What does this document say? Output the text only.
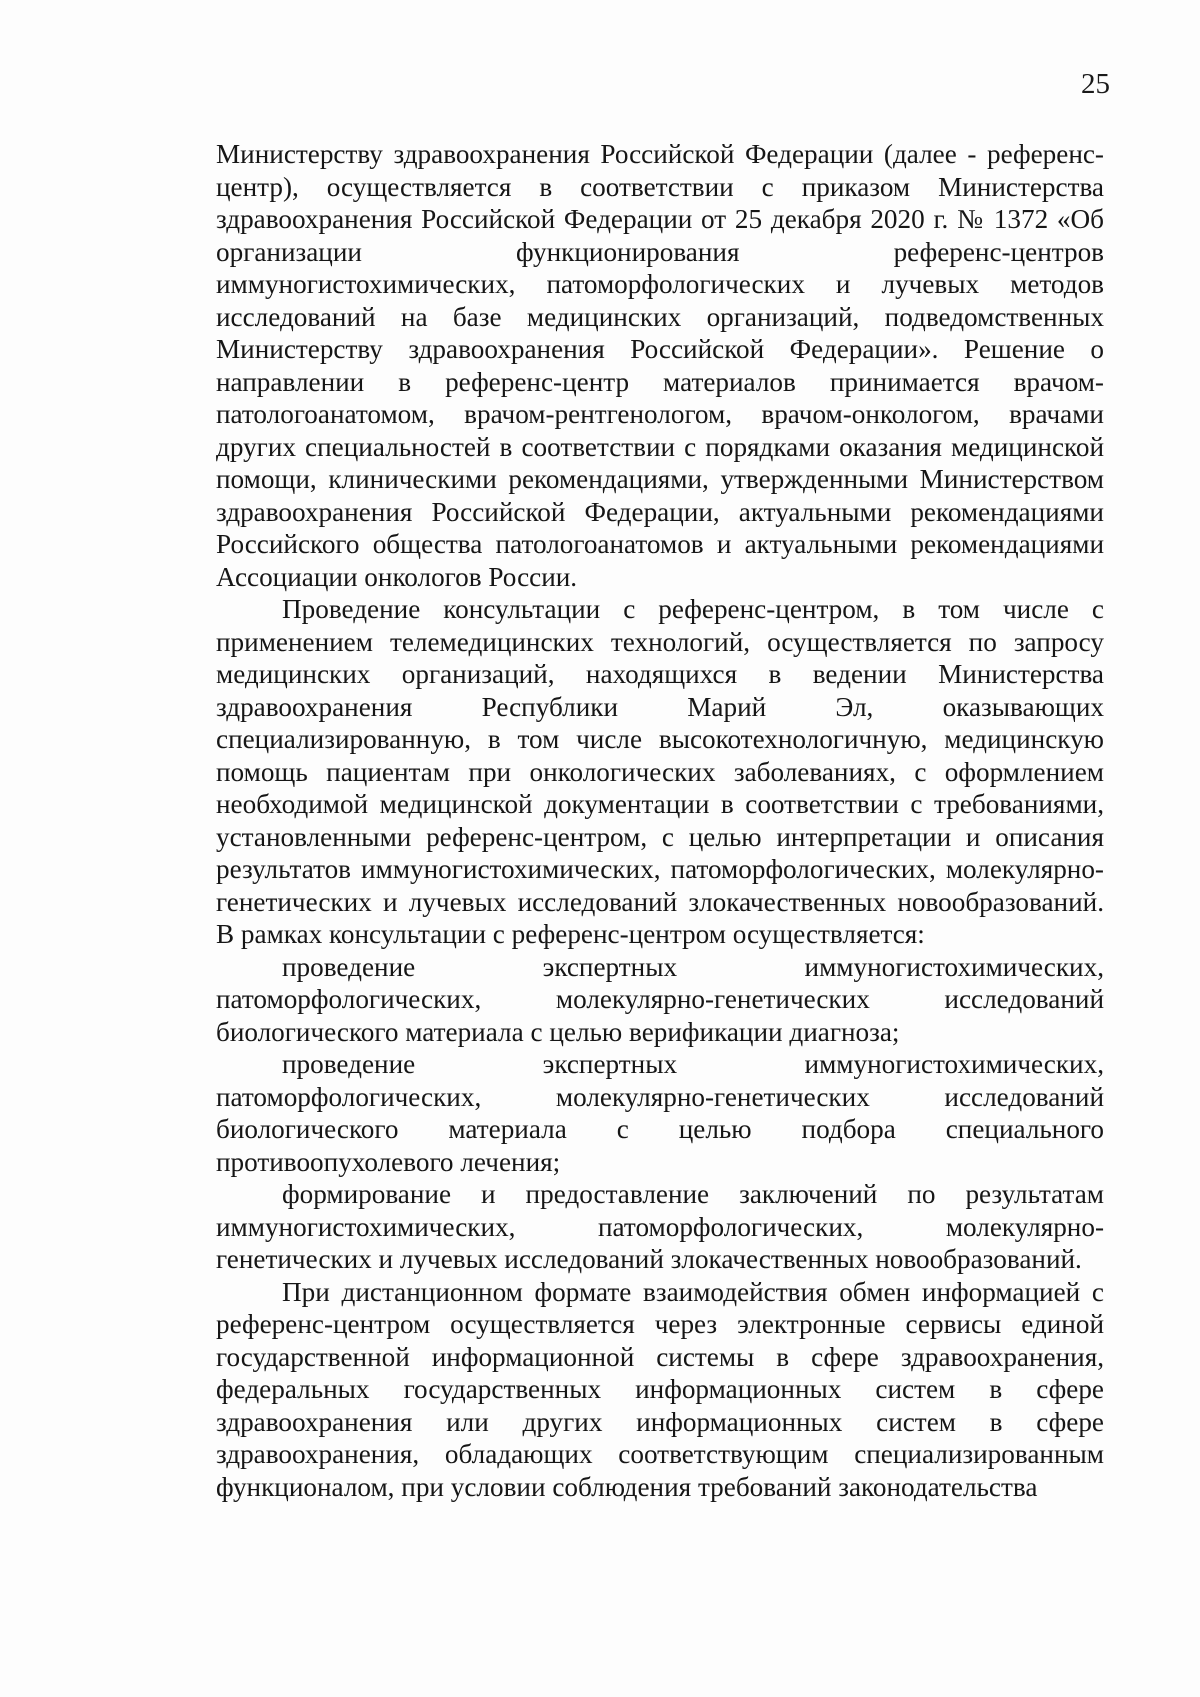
25

Министерству здравоохранения Российской Федерации (далее - референс-центр), осуществляется в соответствии с приказом Министерства здравоохранения Российской Федерации от 25 декабря 2020 г. № 1372 «Об организации функционирования референс-центров иммуногистохимических, патоморфологических и лучевых методов исследований на базе медицинских организаций, подведомственных Министерству здравоохранения Российской Федерации». Решение о направлении в референс-центр материалов принимается врачом-патологоанатомом, врачом-рентгенологом, врачом-онкологом, врачами других специальностей в соответствии с порядками оказания медицинской помощи, клиническими рекомендациями, утвержденными Министерством здравоохранения Российской Федерации, актуальными рекомендациями Российского общества патологоанатомов и актуальными рекомендациями Ассоциации онкологов России.

Проведение консультации с референс-центром, в том числе с применением телемедицинских технологий, осуществляется по запросу медицинских организаций, находящихся в ведении Министерства здравоохранения Республики Марий Эл, оказывающих специализированную, в том числе высокотехнологичную, медицинскую помощь пациентам при онкологических заболеваниях, с оформлением необходимой медицинской документации в соответствии с требованиями, установленными референс-центром, с целью интерпретации и описания результатов иммуногистохимических, патоморфологических, молекулярно-генетических и лучевых исследований злокачественных новообразований. В рамках консультации с референс-центром осуществляется:

проведение экспертных иммуногистохимических, патоморфологических, молекулярно-генетических исследований биологического материала с целью верификации диагноза;

проведение экспертных иммуногистохимических, патоморфологических, молекулярно-генетических исследований биологического материала с целью подбора специального противоопухолевого лечения;

формирование и предоставление заключений по результатам иммуногистохимических, патоморфологических, молекулярно-генетических и лучевых исследований злокачественных новообразований.

При дистанционном формате взаимодействия обмен информацией с референс-центром осуществляется через электронные сервисы единой государственной информационной системы в сфере здравоохранения, федеральных государственных информационных систем в сфере здравоохранения или других информационных систем в сфере здравоохранения, обладающих соответствующим специализированным функционалом, при условии соблюдения требований законодательства
